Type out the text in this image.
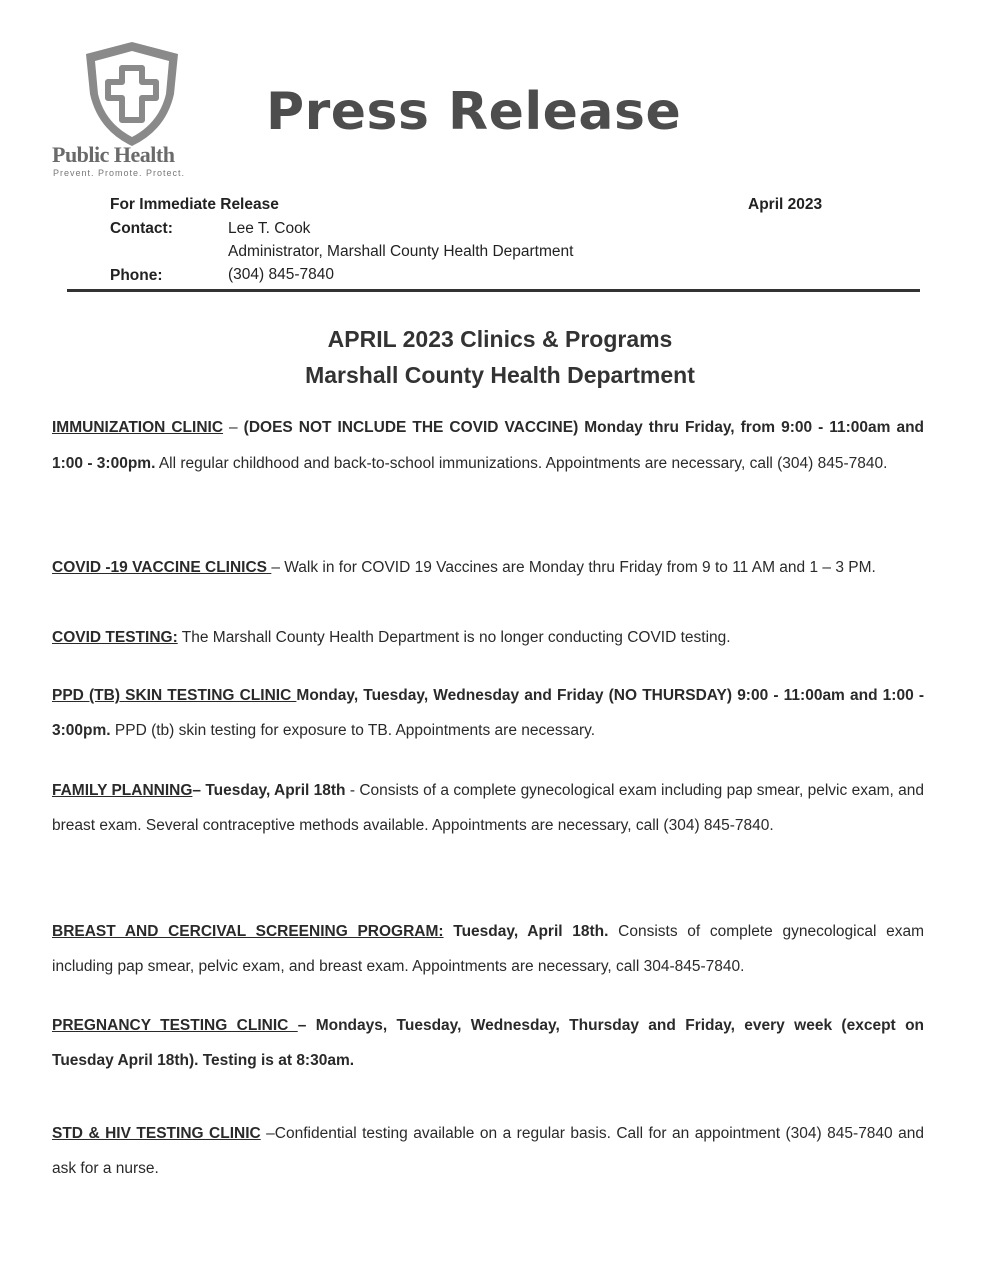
Public Health
Prevent. Promote. Protect.
Press Release
For Immediate Release	April 2023
Contact:	Lee T. Cook
Administrator, Marshall County Health Department
Phone:	(304) 845-7840
APRIL 2023 Clinics & Programs
Marshall County Health Department
IMMUNIZATION CLINIC – (DOES NOT INCLUDE THE COVID VACCINE) Monday thru Friday, from 9:00 - 11:00am and 1:00 - 3:00pm. All regular childhood and back-to-school immunizations. Appointments are necessary, call (304) 845-7840.
COVID -19 VACCINE CLINICS – Walk in for COVID 19 Vaccines are Monday thru Friday from 9 to 11 AM and 1 – 3 PM.
COVID TESTING: The Marshall County Health Department is no longer conducting COVID testing.
PPD (TB) SKIN TESTING CLINIC Monday, Tuesday, Wednesday and Friday (NO THURSDAY) 9:00 - 11:00am and 1:00 - 3:00pm. PPD (tb) skin testing for exposure to TB. Appointments are necessary.
FAMILY PLANNING– Tuesday, April 18th - Consists of a complete gynecological exam including pap smear, pelvic exam, and breast exam. Several contraceptive methods available. Appointments are necessary, call (304) 845-7840.
BREAST AND CERCIVAL SCREENING PROGRAM: Tuesday, April 18th. Consists of complete gynecological exam including pap smear, pelvic exam, and breast exam. Appointments are necessary, call 304-845-7840.
PREGNANCY TESTING CLINIC – Mondays, Tuesday, Wednesday, Thursday and Friday, every week (except on Tuesday April 18th). Testing is at 8:30am.
STD & HIV TESTING CLINIC –Confidential testing available on a regular basis. Call for an appointment (304) 845-7840 and ask for a nurse.
